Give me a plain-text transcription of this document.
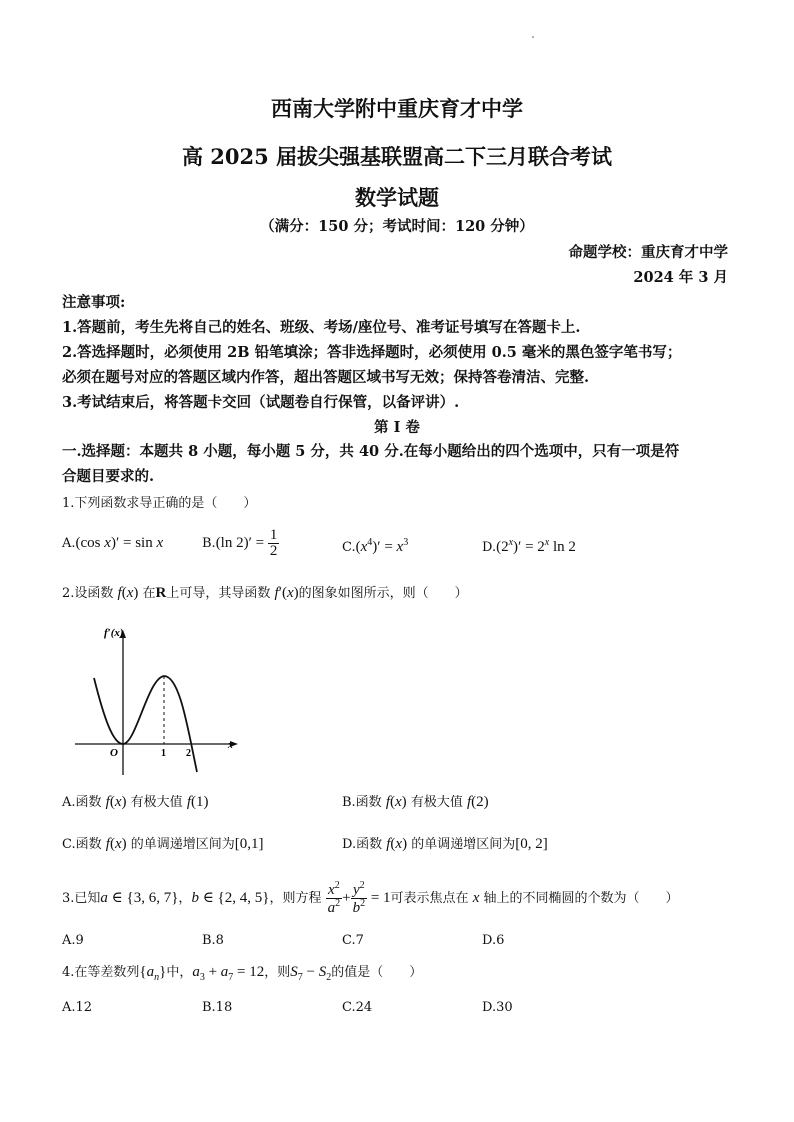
西南大学附中重庆育才中学
高 2025 届拔尖强基联盟高二下三月联合考试
数学试题
（满分：150 分；考试时间：120 分钟）
命题学校：重庆育才中学
2024 年 3 月
注意事项:
1.答题前，考生先将自己的姓名、班级、考场/座位号、准考证号填写在答题卡上.
2.答选择题时，必须使用 2B 铅笔填涂；答非选择题时，必须使用 0.5 毫米的黑色签字笔书写；
必须在题号对应的答题区域内作答，超出答题区域书写无效；保持答卷清洁、完整.
3.考试结束后，将答题卡交回（试题卷自行保管，以备评讲）.
第 I 卷
一.选择题：本题共 8 小题，每小题 5 分，共 40 分.在每小题给出的四个选项中，只有一项是符
合题目要求的.
1.下列函数求导正确的是（　　）
A.(cos x)′ = sin x	B.(ln $2)' = \frac{1}{2}$	$C.(x^4)' = x^3$	$D.(2^x)' = 2^x$ ln 2
2.设函数 f(x) 在R上可导，其导函数 f′(x)的图象如图所示，则（　　）
f′(x)
x
O	1 2
A.函数 f(x) 有极大值 f(1)	B.函数 f(x) 有极大值 f(2)
C.函数 f(x) 的单调递增区间为[0,1]	D.函数 f(x) 的单调递增区间为[0, 2]
3.已知a ∈ {3, 6, 7}，b ∈ {2, 4, 5}，则方程 $\frac{x^2}{a^2} + \frac{y^2}{b^2} = 1$可表示焦点在 x 轴上的不同椭圆的个数为（　　）
A.9	B.8	C.7	D.6
4.在等差数列$\{a_n\}$中，$a_3 + a_7 = 12$，则$S_7 - S_2$的值是（　　）
A.12	B.18	C.24	D.30
